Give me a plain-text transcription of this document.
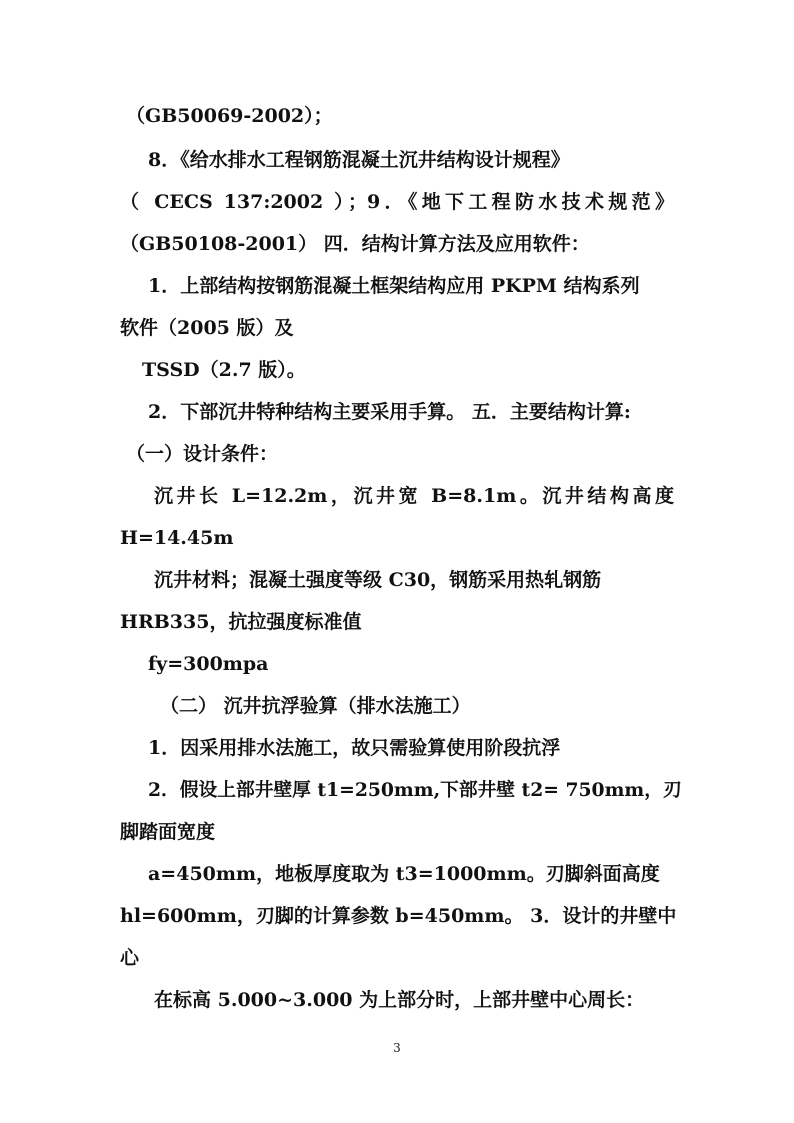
（GB50069-2002）；
8．《给水排水工程钢筋混凝土沉井结构设计规程》
（ CECS 137:2002 ）；9．《地下工程防水技术规范》
（GB50108-2001） 四．结构计算方法及应用软件：
1．上部结构按钢筋混凝土框架结构应用 PKPM 结构系列
软件（2005 版）及
TSSD（2.7 版）。
2．下部沉井特种结构主要采用手算。 五．主要结构计算:
（一）设计条件：
沉井长 L=12.2m，沉井宽 B=8.1m。沉井结构高度
H=14.45m
沉井材料；混凝土强度等级 C30，钢筋采用热轧钢筋
HRB335，抗拉强度标准值
fy=300mpa
（二） 沉井抗浮验算（排水法施工）
1．因采用排水法施工，故只需验算使用阶段抗浮
2．假设上部井壁厚 t1=250mm,下部井壁 t2= 750mm，刃
脚踏面宽度
a=450mm，地板厚度取为 t3=1000mm。刃脚斜面高度
hl=600mm，刃脚的计算参数 b=450mm。 3．设计的井壁中
心
在标高 5.000~3.000 为上部分时，上部井壁中心周长：
3
